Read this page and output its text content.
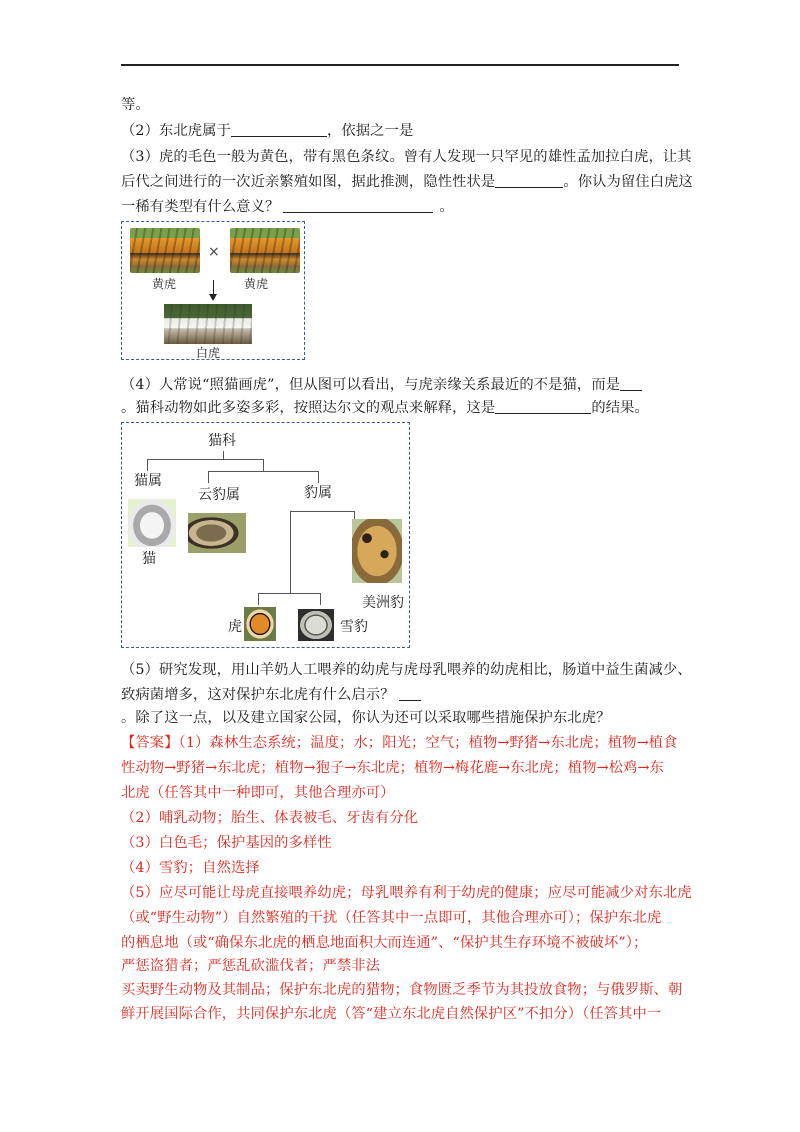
等。
（2）东北虎属于	，依据之一是
（3）虎的毛色一般为黄色，带有黑色条纹。曾有人发现一只罕见的雄性孟加拉白虎，让其
后代之间进行的一次近亲繁殖如图，据此推测，隐性性状是	。你认为留住白虎这
一稀有类型有什么意义？	。
×
黄虎	黄虎
白虎
（4）人常说“照猫画虎”，但从图可以看出，与虎亲缘关系最近的不是猫，而是
。猫科动物如此多姿多彩，按照达尔文的观点来解释，这是	的结果。
猫科
猫属
猫
云豹属	豹属
美洲豹
虎	雪豹
（5）研究发现，用山羊奶人工喂养的幼虎与虎母乳喂养的幼虎相比，肠道中益生菌减少、
致病菌增多，这对保护东北虎有什么启示？
。除了这一点，以及建立国家公园，你认为还可以采取哪些措施保护东北虎？
【答案】（1）森林生态系统；温度；水；阳光；空气；植物→野猪→东北虎；植物→植食
性动物→野猪→东北虎；植物→狍子→东北虎；植物→梅花鹿→东北虎；植物→松鸡→东
北虎（任答其中一种即可，其他合理亦可）
（2）哺乳动物；胎生、体表被毛、牙齿有分化
（3）白色毛；保护基因的多样性
（4）雪豹；自然选择
（5）应尽可能让母虎直接喂养幼虎；母乳喂养有利于幼虎的健康；应尽可能减少对东北虎
（或“野生动物”）自然繁殖的干扰（任答其中一点即可，其他合理亦可）；保护东北虎
的栖息地（或“确保东北虎的栖息地面积大而连通”、“保护其生存环境不被破坏”）；
严惩盗猎者；严惩乱砍滥伐者；严禁非法
买卖野生动物及其制品；保护东北虎的猎物；食物匮乏季节为其投放食物；与俄罗斯、朝
鲜开展国际合作，共同保护东北虎（答“建立东北虎自然保护区”不扣分）（任答其中一
